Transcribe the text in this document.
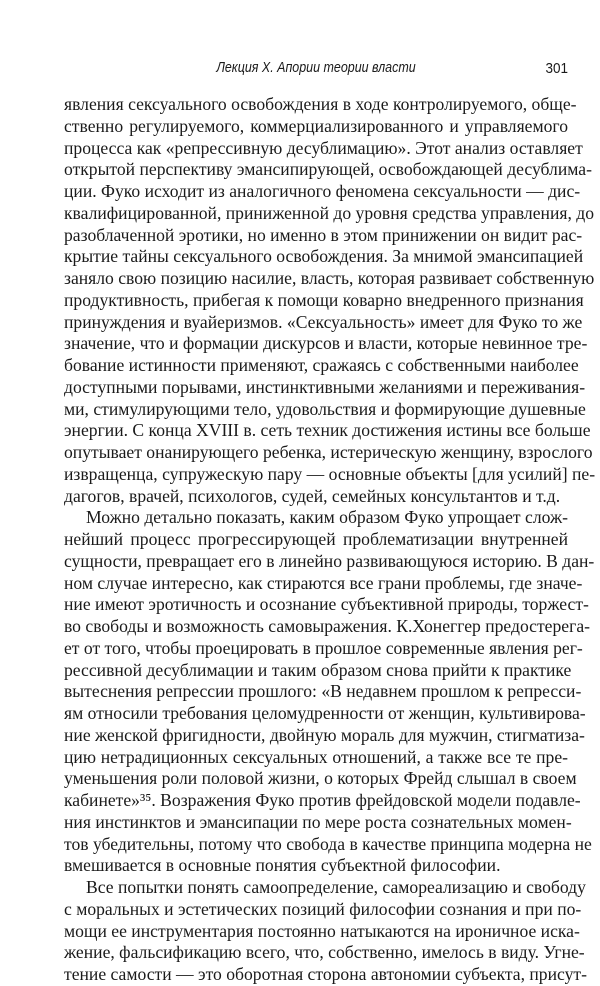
Лекция X. Апории теории власти	301
явления сексуального освобождения в ходе контролируемого, обще-
ственно регулируемого, коммерциализированного и управляемого
процесса как «репрессивную десублимацию». Этот анализ оставляет
открытой перспективу эмансипирующей, освобождающей десублима-
ции. Фуко исходит из аналогичного феномена сексуальности — дис-
квалифицированной, приниженной до уровня средства управления, до
разоблаченной эротики, но именно в этом принижении он видит рас-
крытие тайны сексуального освобождения. За мнимой эмансипацией
заняло свою позицию насилие, власть, которая развивает собственную
продуктивность, прибегая к помощи коварно внедренного признания
принуждения и вуайеризмов. «Сексуальность» имеет для Фуко то же
значение, что и формации дискурсов и власти, которые невинное тре-
бование истинности применяют, сражаясь с собственными наиболее
доступными порывами, инстинктивными желаниями и переживания-
ми, стимулирующими тело, удовольствия и формирующие душевные
энергии. С конца XVIII в. сеть техник достижения истины все больше
опутывает онанирующего ребенка, истерическую женщину, взрослого
извращенца, супружескую пару — основные объекты [для усилий] пе-
дагогов, врачей, психологов, судей, семейных консультантов и т.д.
Можно детально показать, каким образом Фуко упрощает слож-
нейший процесс прогрессирующей проблематизации внутренней
сущности, превращает его в линейно развивающуюся историю. В дан-
ном случае интересно, как стираются все грани проблемы, где значе-
ние имеют эротичность и осознание субъективной природы, торжест-
во свободы и возможность самовыражения. К.Хонеггер предостерега-
ет от того, чтобы проецировать в прошлое современные явления рег-
рессивной десублимации и таким образом снова прийти к практике
вытеснения репрессии прошлого: «В недавнем прошлом к репресси-
ям относили требования целомудренности от женщин, культивирова-
ние женской фригидности, двойную мораль для мужчин, стигматиза-
цию нетрадиционных сексуальных отношений, а также все те пре-
уменьшения роли половой жизни, о которых Фрейд слышал в своем
кабинете»³⁵. Возражения Фуко против фрейдовской модели подавле-
ния инстинктов и эмансипации по мере роста сознательных момен-
тов убедительны, потому что свобода в качестве принципа модерна не
вмешивается в основные понятия субъектной философии.
Все попытки понять самоопределение, самореализацию и свободу
с моральных и эстетических позиций философии сознания и при по-
мощи ее инструментария постоянно натыкаются на ироничное иска-
жение, фальсификацию всего, что, собственно, имелось в виду. Угне-
тение самости — это оборотная сторона автономии субъекта, присут-
